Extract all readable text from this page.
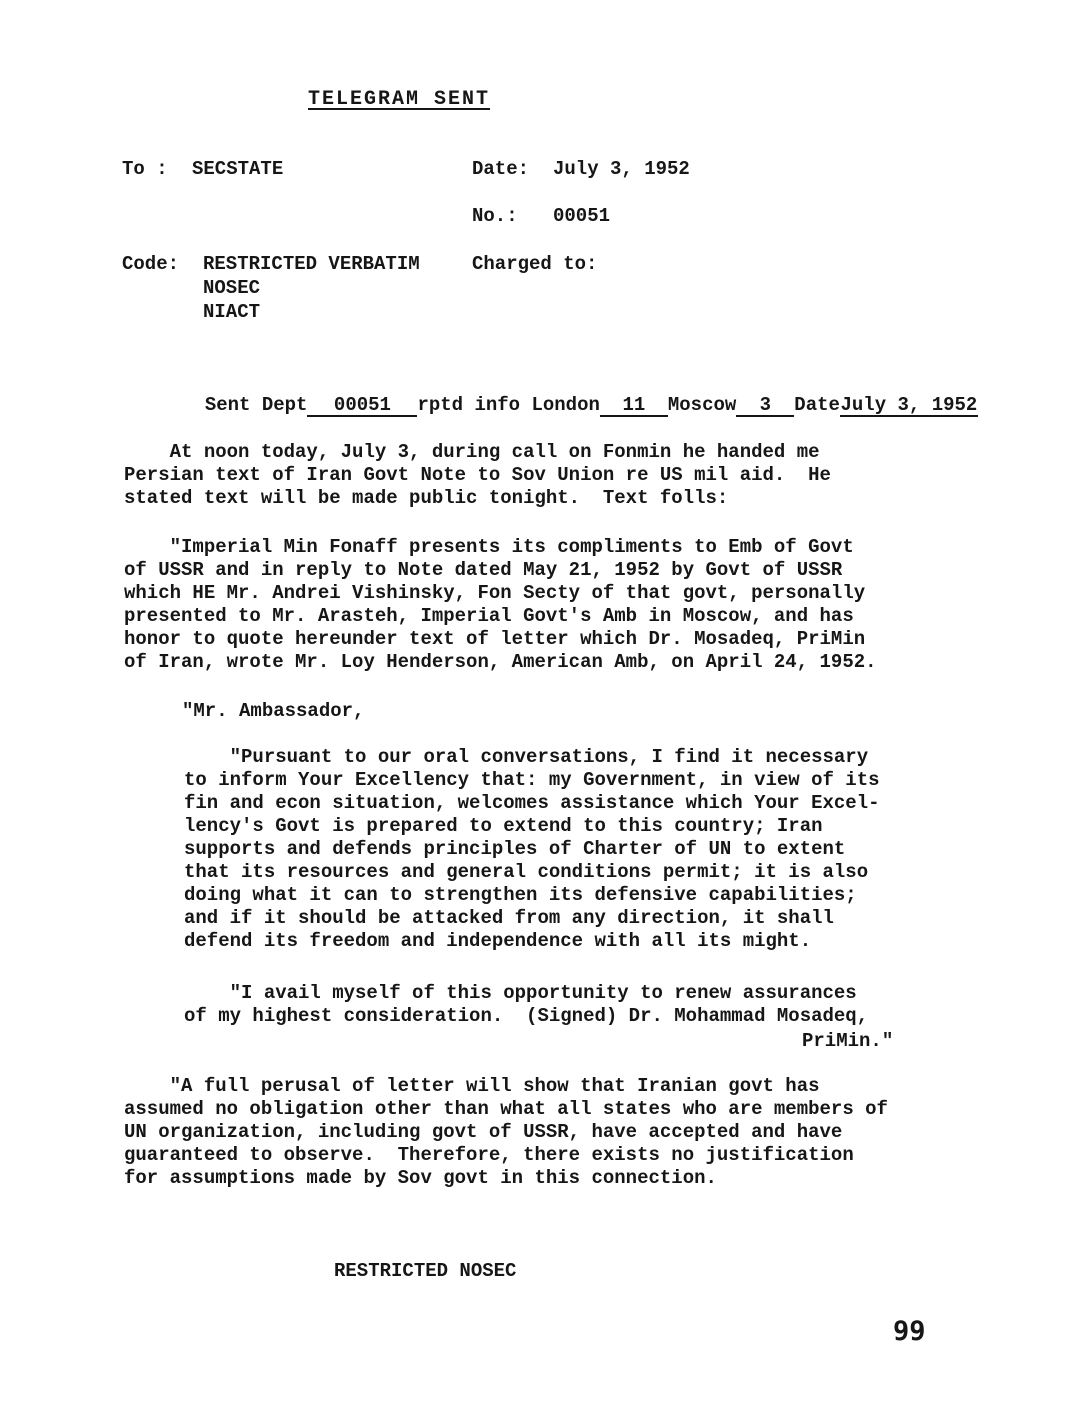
TELEGRAM SENT
To : SECSTATE	Date: July 3, 1952
No.: 00051
Code: RESTRICTED VERBATIM
NOSEC
NIACT
Charged to:

Sent Dept 00051 rptd info London 11 Moscow 3 DateJuly 3, 1952

At noon today, July 3, during call on Fonmin he handed me
Persian text of Iran Govt Note to Sov Union re US mil aid.  He
stated text will be made public tonight.  Text folls:
"Imperial Min Fonaff presents its compliments to Emb of Govt
of USSR and in reply to Note dated May 21, 1952 by Govt of USSR
which HE Mr. Andrei Vishinsky, Fon Secty of that govt, personally
presented to Mr. Arasteh, Imperial Govt's Amb in Moscow, and has
honor to quote hereunder text of letter which Dr. Mosadeq, PriMin
of Iran, wrote Mr. Loy Henderson, American Amb, on April 24, 1952.
"Mr. Ambassador,
"Pursuant to our oral conversations, I find it necessary
to inform Your Excellency that: my Government, in view of its
fin and econ situation, welcomes assistance which Your Excel-
lency's Govt is prepared to extend to this country; Iran
supports and defends principles of Charter of UN to extent
that its resources and general conditions permit; it is also
doing what it can to strengthen its defensive capabilities;
and if it should be attacked from any direction, it shall
defend its freedom and independence with all its might.
"I avail myself of this opportunity to renew assurances
of my highest consideration.  (Signed) Dr. Mohammad Mosadeq,
PriMin."
"A full perusal of letter will show that Iranian govt has
assumed no obligation other than what all states who are members of
UN organization, including govt of USSR, have accepted and have
guaranteed to observe.  Therefore, there exists no justification
for assumptions made by Sov govt in this connection.
RESTRICTED NOSEC
99
